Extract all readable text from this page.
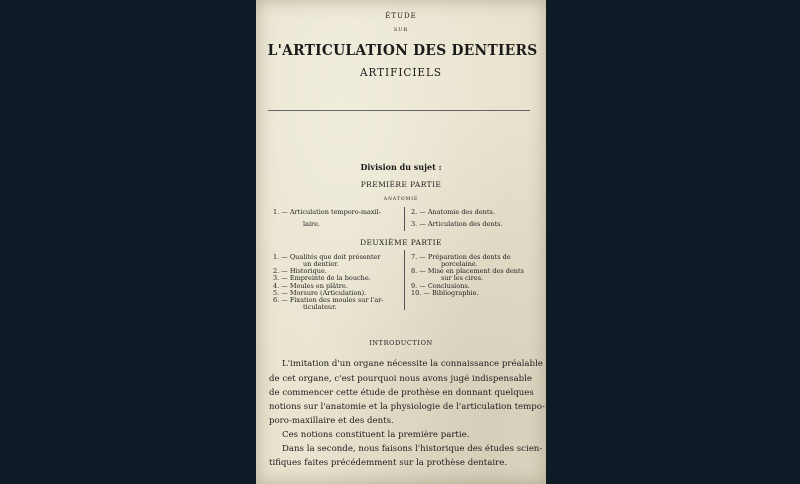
ÉTUDE
SUR
L'ARTICULATION DES DENTIERS
ARTIFICIELS
Division du sujet :
PREMIÈRE PARTIE
ANATOMIE
1. — Articulation temporo-maxil-
laire.
2. — Anatomie des dents.
3. — Articulation des dents.
DEUXIÈME PARTIE
1. — Qualités que doit présenter
un dentier.
2. — Historique.
3. — Empreinte de la bouche.
4. — Moules en plâtre.
5. — Morsure (Articulation).
6. — Fixation des moules sur l'ar-
ticulateur.
7. — Préparation des dents de
porcelaine.
8. — Mise en placement des dents
sur les cires.
9. — Conclusions.
10. — Bibliographie.
INTRODUCTION
L'imitation d'un organe nécessite la connaissance préalable
de cet organe, c'est pourquoi nous avons jugé indispensable
de commencer cette étude de prothèse en donnant quelques
notions sur l'anatomie et la physiologie de l'articulation tempo-
poro-maxillaire et des dents.
Ces notions constituent la première partie.
Dans la seconde, nous faisons l'historique des études scien-
tifiques faites précédemment sur la prothèse dentaire.
